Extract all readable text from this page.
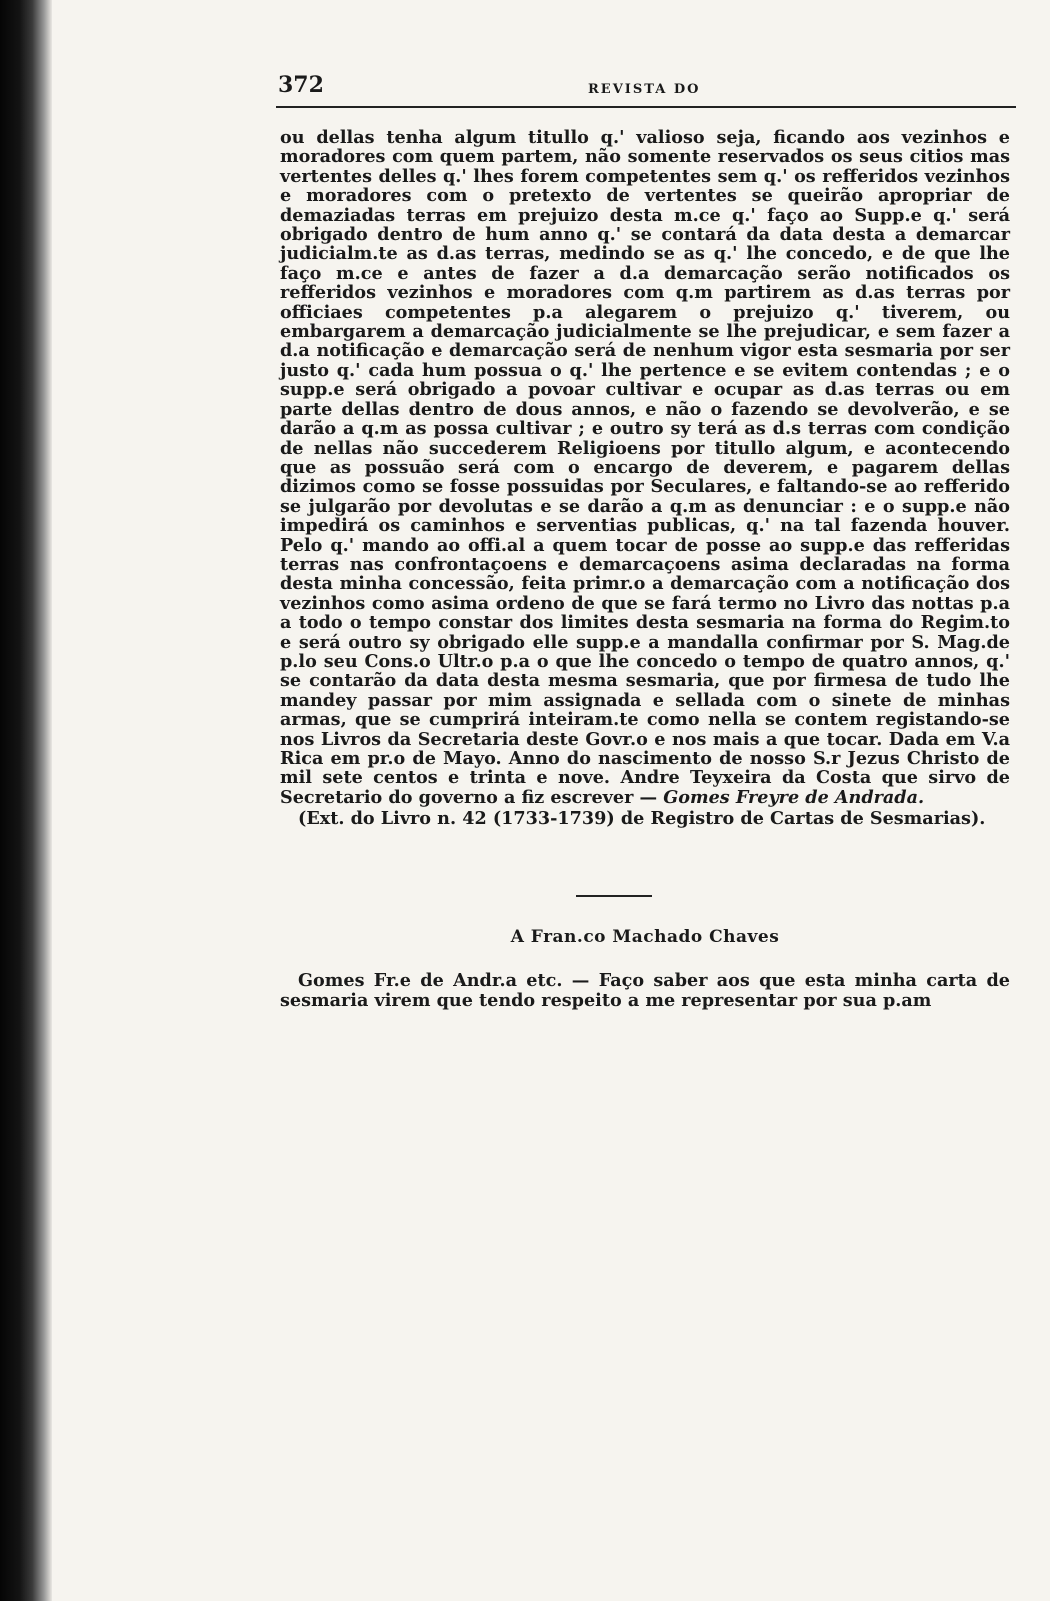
372	REVISTA DO

ou dellas tenha algum titullo q.' valioso seja, ficando aos vezinhos e moradores com quem partem, não somente reservados os seus citios mas vertentes delles q.' lhes forem competentes sem q.' os refferidos vezinhos e moradores com o pretexto de vertentes se queirão apropriar de demaziadas terras em prejuizo desta m.ce q.' faço ao Supp.e q.' será obrigado dentro de hum anno q.' se contará da data desta a demarcar judicialm.te as d.as terras, medindo se as q.' lhe concedo, e de que lhe faço m.ce e antes de fazer a d.a demarcação serão notificados os refferidos vezinhos e moradores com q.m partirem as d.as terras por officiaes competentes p.a alegarem o prejuizo q.' tiverem, ou embargarem a demarcação judicialmente se lhe prejudicar, e sem fazer a d.a notificação e demarcação será de nenhum vigor esta sesmaria por ser justo q.' cada hum possua o q.' lhe pertence e se evitem contendas ; e o supp.e será obrigado a povoar cultivar e ocupar as d.as terras ou em parte dellas dentro de dous annos, e não o fazendo se devolverão, e se darão a q.m as possa cultivar ; e outro sy terá as d.s terras com condição de nellas não succederem Religioens por titullo algum, e acontecendo que as possuão será com o encargo de deverem, e pagarem dellas dizimos como se fosse possuidas por Seculares, e faltando-se ao refferido se julgarão por devolutas e se darão a q.m as denunciar : e o supp.e não impedirá os caminhos e serventias publicas, q.' na tal fazenda houver. Pelo q.' mando ao offi.al a quem tocar de posse ao supp.e das refferidas terras nas confrontaçoens e demarcaçoens asima declaradas na forma desta minha concessão, feita primr.o a demarcação com a notificação dos vezinhos como asima ordeno de que se fará termo no Livro das nottas p.a a todo o tempo constar dos limites desta sesmaria na forma do Regim.to e será outro sy obrigado elle supp.e a mandalla confirmar por S. Mag.de p.lo seu Cons.o Ultr.o p.a o que lhe concedo o tempo de quatro annos, q.' se contarão da data desta mesma sesmaria, que por firmesa de tudo lhe mandey passar por mim assignada e sellada com o sinete de minhas armas, que se cumprirá inteiram.te como nella se contem registando-se nos Livros da Secretaria deste Govr.o e nos mais a que tocar. Dada em V.a Rica em pr.o de Mayo. Anno do nascimento de nosso S.r Jezus Christo de mil sete centos e trinta e nove. Andre Teyxeira da Costa que sirvo de Secretario do governo a fiz escrever — Gomes Freyre de Andrada.

(Ext. do Livro n. 42 (1733-1739) de Registro de Cartas de Sesmarias).

A Fran.co Machado Chaves

Gomes Fr.e de Andr.a etc. — Faço saber aos que esta minha carta de sesmaria virem que tendo respeito a me representar por sua p.am
